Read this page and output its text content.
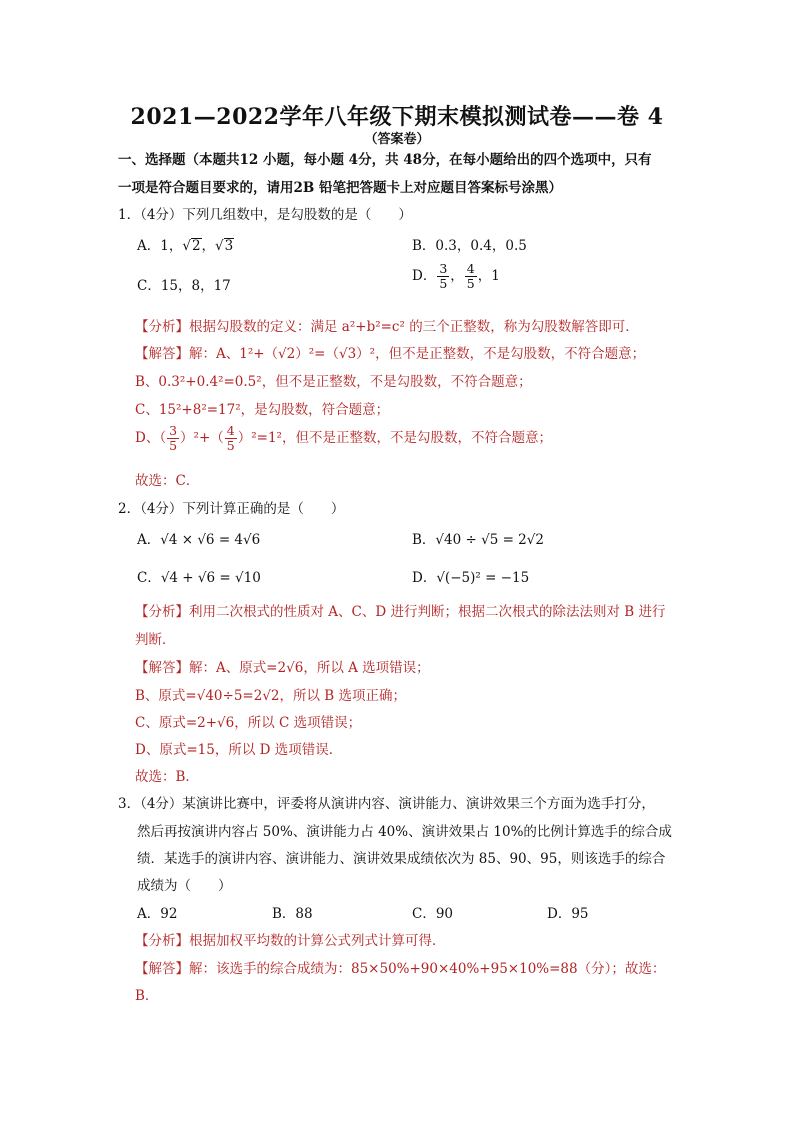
2021—2022学年八年级下期末模拟测试卷——卷 4
（答案卷）
一、选择题（本题共12 小题，每小题 4分，共 48分，在每小题给出的四个选项中，只有
一项是符合题目要求的，请用2B 铅笔把答题卡上对应题目答案标号涂黑）
1．（4分）下列几组数中，是勾股数的是（　　）
A．1，√2，√3	B．0.3，0.4，0.5
C．15，8，17
D． $\frac{3}{5}$ ， $\frac{4}{5}$ ，1
【分析】根据勾股数的定义：满足 a²+b²=c² 的三个正整数，称为勾股数解答即可．
【解答】解：A、1²+（√2）²=（√3）²，但不是正整数，不是勾股数，不符合题意；
B、0.3²+0.4²=0.5²，但不是正整数，不是勾股数，不符合题意；
C、15²+8²=17²，是勾股数，符合题意；
D、（ $\frac{3}{5} )^2+( \frac{4}{5} )^2=1^2$，但不是正整数，不是勾股数，不符合题意；
故选：C．
2．（4分）下列计算正确的是（　　）
A．√4 × √6 = 4√6	B．√40 ÷ √5 = 2√2
C．√4 + √6 = √10	D．√(−5)² = −15
【分析】利用二次根式的性质对 A、C、D 进行判断；根据二次根式的除法法则对 B 进行
判断．
【解答】解：A、原式=2√6，所以 A 选项错误；
B、原式=√40÷5=2√2，所以 B 选项正确；
C、原式=2+√6，所以 C 选项错误；
D、原式=15，所以 D 选项错误．
故选：B．
3．（4分）某演讲比赛中，评委将从演讲内容、演讲能力、演讲效果三个方面为选手打分，
然后再按演讲内容占 50%、演讲能力占 40%、演讲效果占 10%的比例计算选手的综合成
绩．某选手的演讲内容、演讲能力、演讲效果成绩依次为 85、90、95，则该选手的综合
成绩为（　　）
A．92	B．88	C．90	D．95
【分析】根据加权平均数的计算公式列式计算可得．
【解答】解：该选手的综合成绩为：85×50%+90×40%+95×10%=88（分）；故选：
B．
